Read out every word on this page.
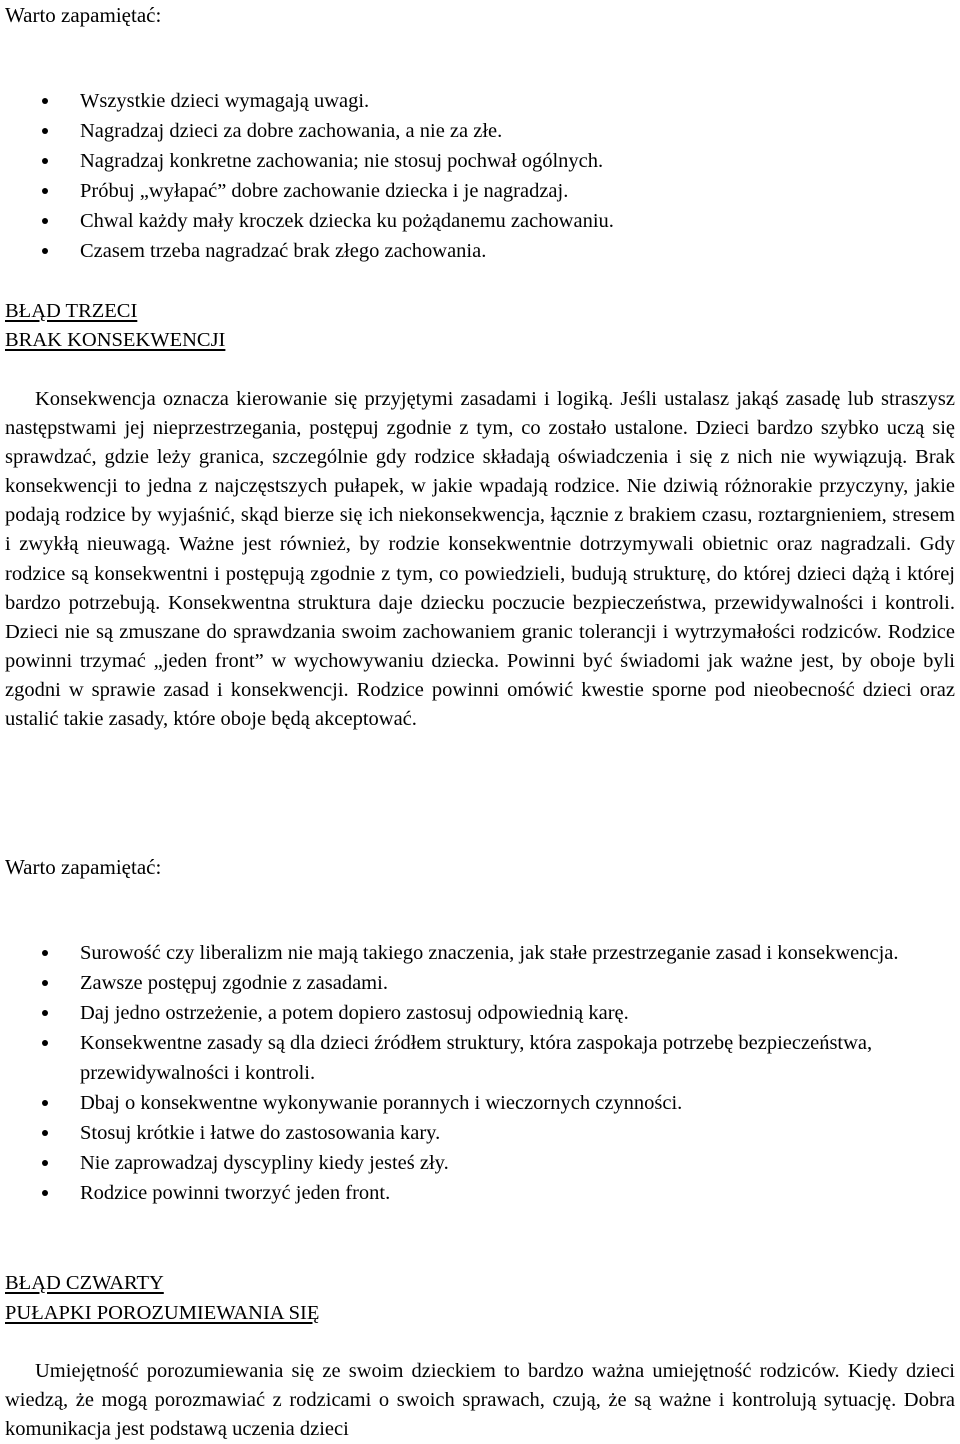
Warto zapamiętać:
Wszystkie dzieci wymagają uwagi.
Nagradzaj dzieci za dobre zachowania, a nie za złe.
Nagradzaj konkretne zachowania; nie stosuj pochwał ogólnych.
Próbuj „wyłapać” dobre zachowanie dziecka i je nagradzaj.
Chwal każdy mały kroczek dziecka ku pożądanemu zachowaniu.
Czasem trzeba nagradzać brak złego zachowania.
BŁĄD TRZECI
BRAK KONSEKWENCJI

Konsekwencja oznacza kierowanie się przyjętymi zasadami i logiką. Jeśli ustalasz jakąś zasadę lub straszysz następstwami jej nieprzestrzegania, postępuj zgodnie z tym, co zostało ustalone. Dzieci bardzo szybko uczą się sprawdzać, gdzie leży granica, szczególnie gdy rodzice składają oświadczenia i się z nich nie wywiązują. Brak konsekwencji to jedna z najczęstszych pułapek, w jakie wpadają rodzice. Nie dziwią różnorakie przyczyny, jakie podają rodzice by wyjaśnić, skąd bierze się ich niekonsekwencja, łącznie z brakiem czasu, roztargnieniem, stresem i zwykłą nieuwagą. Ważne jest również, by rodzie konsekwentnie dotrzymywali obietnic oraz nagradzali. Gdy rodzice są konsekwentni i postępują zgodnie z tym, co powiedzieli, budują strukturę, do której dzieci dążą i której bardzo potrzebują. Konsekwentna struktura daje dziecku poczucie bezpieczeństwa, przewidywalności i kontroli. Dzieci nie są zmuszane do sprawdzania swoim zachowaniem granic tolerancji i wytrzymałości rodziców. Rodzice powinni trzymać „jeden front” w wychowywaniu dziecka. Powinni być świadomi jak ważne jest, by oboje byli zgodni w sprawie zasad i konsekwencji. Rodzice powinni omówić kwestie sporne pod nieobecność dzieci oraz ustalić takie zasady, które oboje będą akceptować.

Warto zapamiętać:
Surowość czy liberalizm nie mają takiego znaczenia, jak stałe przestrzeganie zasad i konsekwencja.
Zawsze postępuj zgodnie z zasadami.
Daj jedno ostrzeżenie, a potem dopiero zastosuj odpowiednią karę.
Konsekwentne zasady są dla dzieci źródłem struktury, która zaspokaja potrzebę bezpieczeństwa, przewidywalności i kontroli.
Dbaj o konsekwentne wykonywanie porannych i wieczornych czynności.
Stosuj krótkie i łatwe do zastosowania kary.
Nie zaprowadzaj dyscypliny kiedy jesteś zły.
Rodzice powinni tworzyć jeden front.
BŁĄD CZWARTY
PUŁAPKI POROZUMIEWANIA SIĘ

Umiejętność porozumiewania się ze swoim dzieckiem to bardzo ważna umiejętność rodziców. Kiedy dzieci wiedzą, że mogą porozmawiać z rodzicami o swoich sprawach, czują, że są ważne i kontrolują sytuację. Dobra komunikacja jest podstawą uczenia dzieci
